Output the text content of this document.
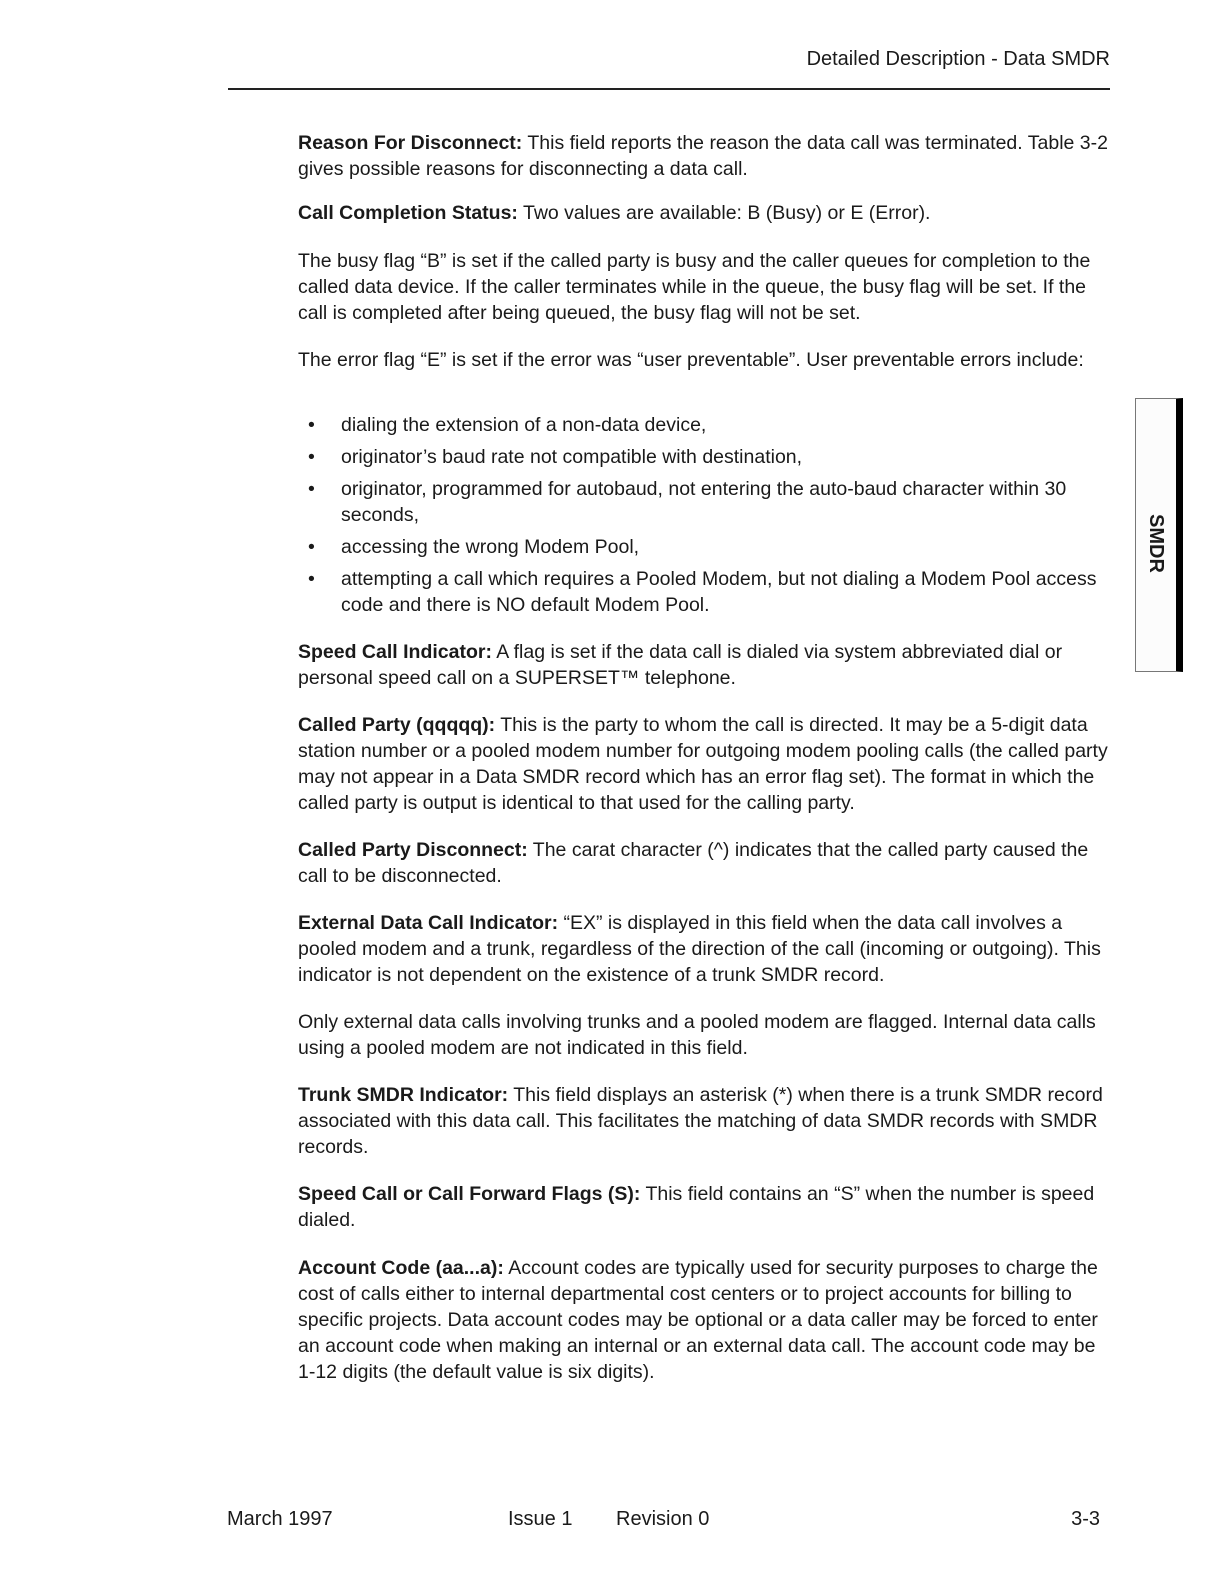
Detailed Description - Data SMDR
Reason For Disconnect: This field reports the reason the data call was terminated. Table 3-2 gives possible reasons for disconnecting a data call.
Call Completion Status: Two values are available: B (Busy) or E (Error).
The busy flag “B” is set if the called party is busy and the caller queues for completion to the called data device. If the caller terminates while in the queue, the busy flag will be set. If the call is completed after being queued, the busy flag will not be set.
The error flag “E” is set if the error was “user preventable”. User preventable errors include:
• dialing the extension of a non-data device,
• originator’s baud rate not compatible with destination,
• originator, programmed for autobaud, not entering the auto-baud character within 30 seconds,
• accessing the wrong Modem Pool,
• attempting a call which requires a Pooled Modem, but not dialing a Modem Pool access code and there is NO default Modem Pool.
Speed Call Indicator: A flag is set if the data call is dialed via system abbreviated dial or personal speed call on a SUPERSET™ telephone.
Called Party (qqqqq): This is the party to whom the call is directed. It may be a 5-digit data station number or a pooled modem number for outgoing modem pooling calls (the called party may not appear in a Data SMDR record which has an error flag set). The format in which the called party is output is identical to that used for the calling party.
Called Party Disconnect: The carat character (^) indicates that the called party caused the call to be disconnected.
External Data Call Indicator: “EX” is displayed in this field when the data call involves a pooled modem and a trunk, regardless of the direction of the call (incoming or outgoing). This indicator is not dependent on the existence of a trunk SMDR record.
Only external data calls involving trunks and a pooled modem are flagged. Internal data calls using a pooled modem are not indicated in this field.
Trunk SMDR Indicator: This field displays an asterisk (*) when there is a trunk SMDR record associated with this data call. This facilitates the matching of data SMDR records with SMDR records.
Speed Call or Call Forward Flags (S): This field contains an “S” when the number is speed dialed.
Account Code (aa...a): Account codes are typically used for security purposes to charge the cost of calls either to internal departmental cost centers or to project accounts for billing to specific projects. Data account codes may be optional or a data caller may be forced to enter an account code when making an internal or an external data call. The account code may be 1-12 digits (the default value is six digits).
SMDR
March 1997	Issue 1 Revision 0	3-3
